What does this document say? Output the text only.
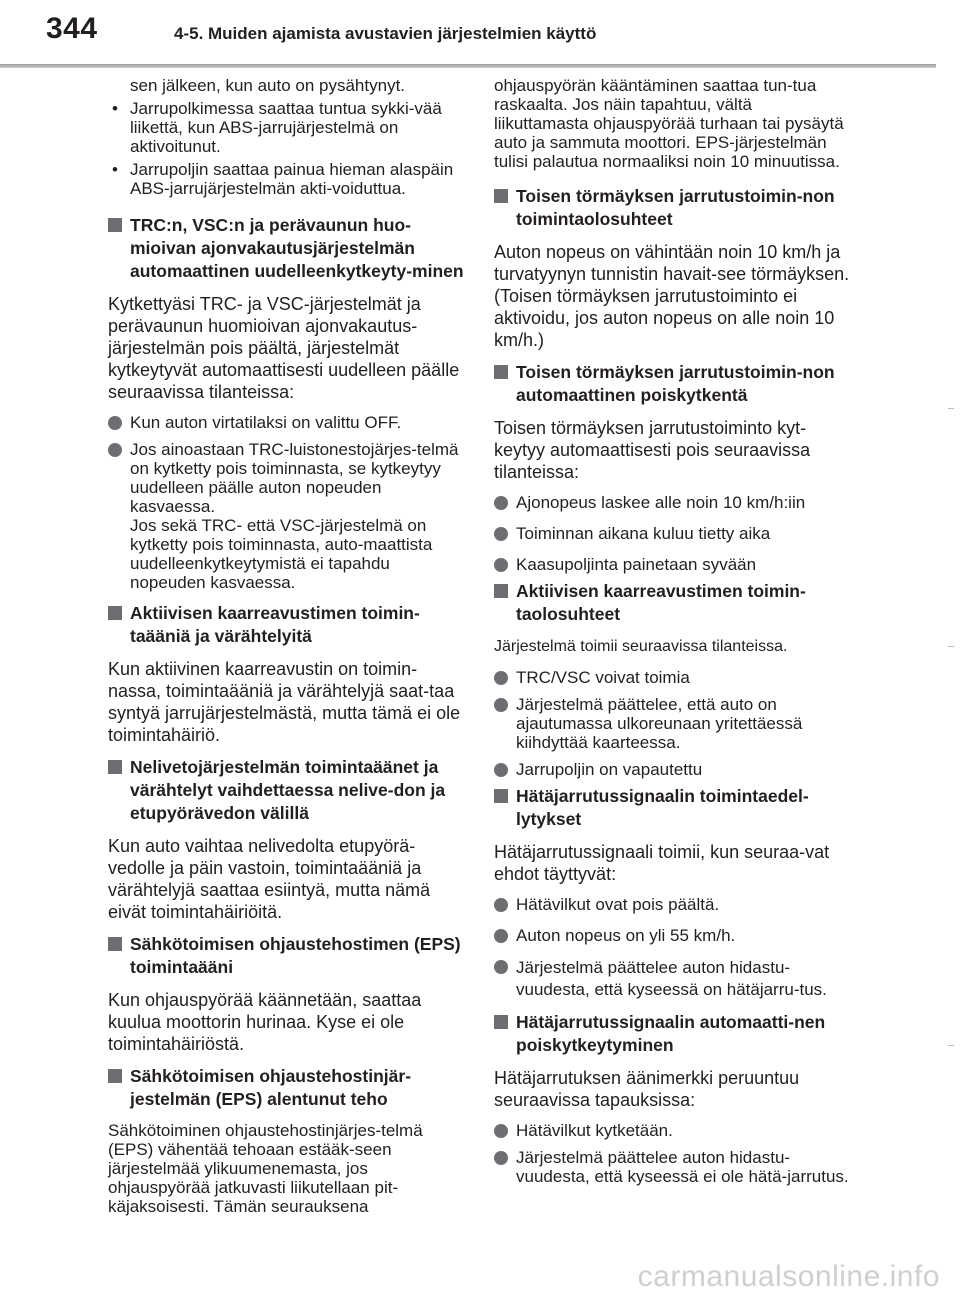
344	4-5. Muiden ajamista avustavien järjestelmien käyttö

sen jälkeen, kun auto on pysähtynyt.

• Jarrupolkimessa saattaa tuntua sykki-vää liikettä, kun ABS-jarrujärjestelmä on aktivoitunut.
• Jarrupoljin saattaa painua hieman alaspäin ABS-jarrujärjestelmän akti-voiduttua.
TRC:n, VSC:n ja perävaunun huo-mioivan ajonvakautusjärjestelmän automaattinen uudelleenkytkeyty-minen

Kytkettyäsi TRC- ja VSC-järjestelmät ja perävaunun huomioivan ajonvakautus-järjestelmän pois päältä, järjestelmät kytkeytyvät automaattisesti uudelleen päälle seuraavissa tilanteissa:

Kun auton virtatilaksi on valittu OFF.
Jos ainoastaan TRC-luistonestojärjes-telmä on kytketty pois toiminnasta, se kytkeytyy uudelleen päälle auton nopeuden kasvaessa.
Jos sekä TRC- että VSC-järjestelmä on kytketty pois toiminnasta, auto-maattista uudelleenkytkeytymistä ei tapahdu nopeuden kasvaessa.
Aktiivisen kaarreavustimen toimin-taääniä ja värähtelyitä

Kun aktiivinen kaarreavustin on toimin-nassa, toimintaääniä ja värähtelyjä saat-taa syntyä jarrujärjestelmästä, mutta tämä ei ole toimintahäiriö.

Nelivetojärjestelmän toimintaäänet ja värähtelyt vaihdettaessa nelive-don ja etupyörävedon välillä

Kun auto vaihtaa nelivedolta etupyörä-vedolle ja päin vastoin, toimintaääniä ja värähtelyjä saattaa esiintyä, mutta nämä eivät toimintahäiriöitä.

Sähkötoimisen ohjaustehostimen (EPS) toimintaääni

Kun ohjauspyörää käännetään, saattaa kuulua moottorin hurinaa. Kyse ei ole toimintahäiriöstä.

Sähkötoimisen ohjaustehostinjär-jestelmän (EPS) alentunut teho

Sähkötoiminen ohjaustehostinjärjes-telmä (EPS) vähentää tehoaan estääk-seen järjestelmää ylikuumenemasta, jos ohjauspyörää jatkuvasti liikutellaan pit-käjaksoisesti. Tämän seurauksena

ohjauspyörän kääntäminen saattaa tun-tua raskaalta. Jos näin tapahtuu, vältä liikuttamasta ohjauspyörää turhaan tai pysäytä auto ja sammuta moottori. EPS-järjestelmän tulisi palautua normaaliksi noin 10 minuutissa.

Toisen törmäyksen jarrutustoimin-non toimintaolosuhteet

Auton nopeus on vähintään noin 10 km/h ja turvatyynyn tunnistin havait-see törmäyksen. (Toisen törmäyksen jarrutustoiminto ei aktivoidu, jos auton nopeus on alle noin 10 km/h.)

Toisen törmäyksen jarrutustoimin-non automaattinen poiskytkentä

Toisen törmäyksen jarrutustoiminto kyt-keytyy automaattisesti pois seuraavissa tilanteissa:

Ajonopeus laskee alle noin 10 km/h:iin
Toiminnan aikana kuluu tietty aika
Kaasupoljinta painetaan syvään
Aktiivisen kaarreavustimen toimin-taolosuhteet

Järjestelmä toimii seuraavissa tilanteissa.

TRC/VSC voivat toimia
Järjestelmä päättelee, että auto on ajautumassa ulkoreunaan yritettäessä kiihdyttää kaarteessa.
Jarrupoljin on vapautettu
Hätäjarrutussignaalin toimintaedel-lytykset

Hätäjarrutussignaali toimii, kun seuraa-vat ehdot täyttyvät:

Hätävilkut ovat pois päältä.
Auton nopeus on yli 55 km/h.
Järjestelmä päättelee auton hidastu-vuudesta, että kyseessä on hätäjarru-tus.
Hätäjarrutussignaalin automaatti-nen poiskytkeytyminen

Hätäjarrutuksen äänimerkki peruuntuu seuraavissa tapauksissa:

Hätävilkut kytketään.
Järjestelmä päättelee auton hidastu-vuudesta, että kyseessä ei ole hätä-jarrutus.
carmanualsonline.info
